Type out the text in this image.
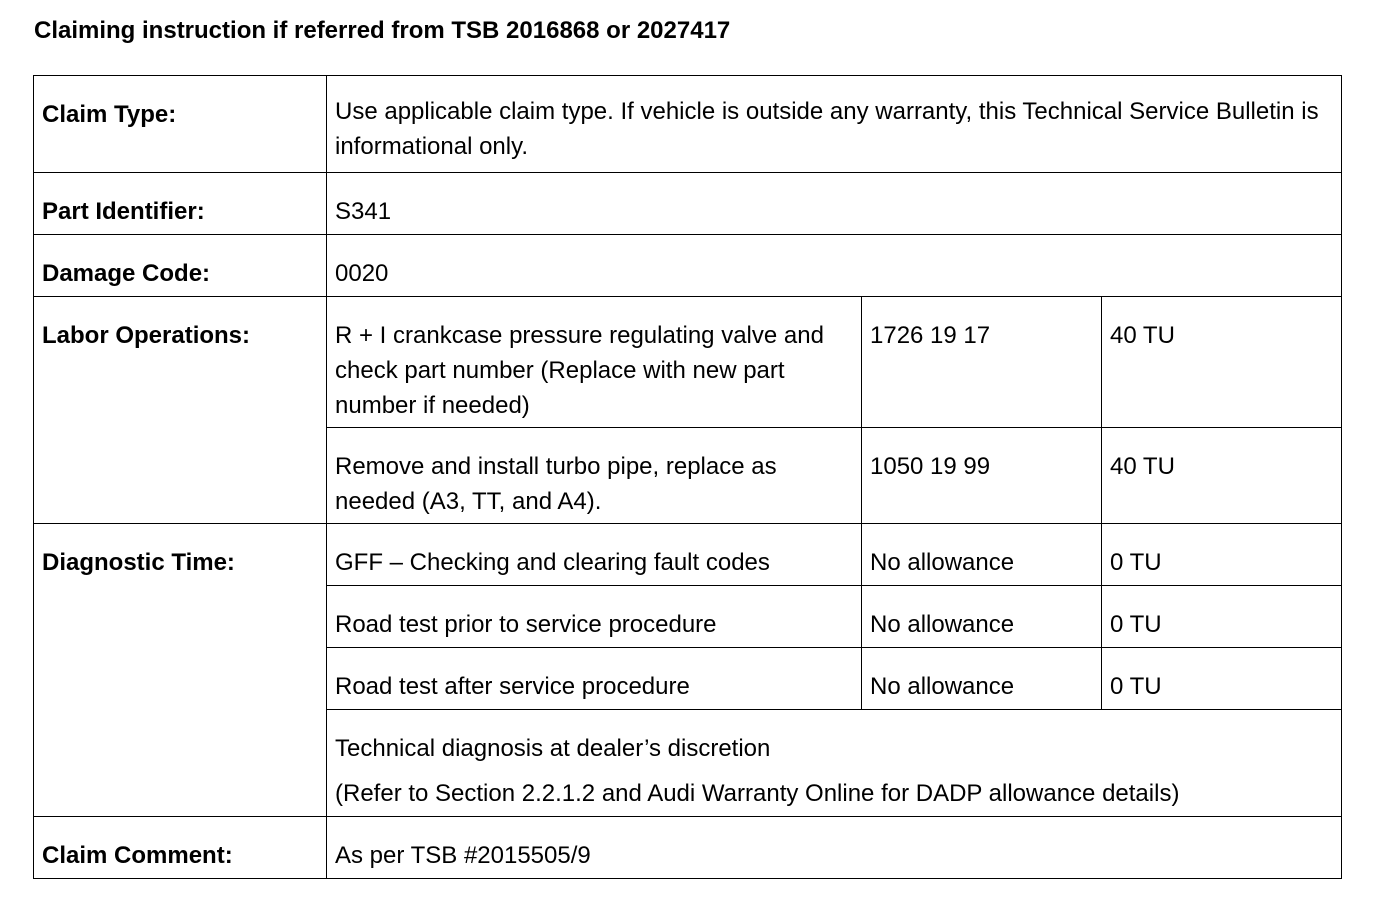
Claiming instruction if referred from TSB 2016868 or 2027417
Claim Type:	Use applicable claim type. If vehicle is outside any warranty, this Technical Service Bulletin is informational only.		
Part Identifier:	S341		
Damage Code:	0020		
Labor Operations:	R + I crankcase pressure regulating valve and check part number (Replace with new part number if needed)	1726 19 17	40 TU
	Remove and install turbo pipe, replace as needed (A3, TT, and A4).	1050 19 99	40 TU
Diagnostic Time:	GFF – Checking and clearing fault codes	No allowance	0 TU
	Road test prior to service procedure	No allowance	0 TU
	Road test after service procedure	No allowance	0 TU
	Technical diagnosis at dealer’s discretion
(Refer to Section 2.2.1.2 and Audi Warranty Online for DADP allowance details)		

Claim Comment:	As per TSB #2015505/9		
